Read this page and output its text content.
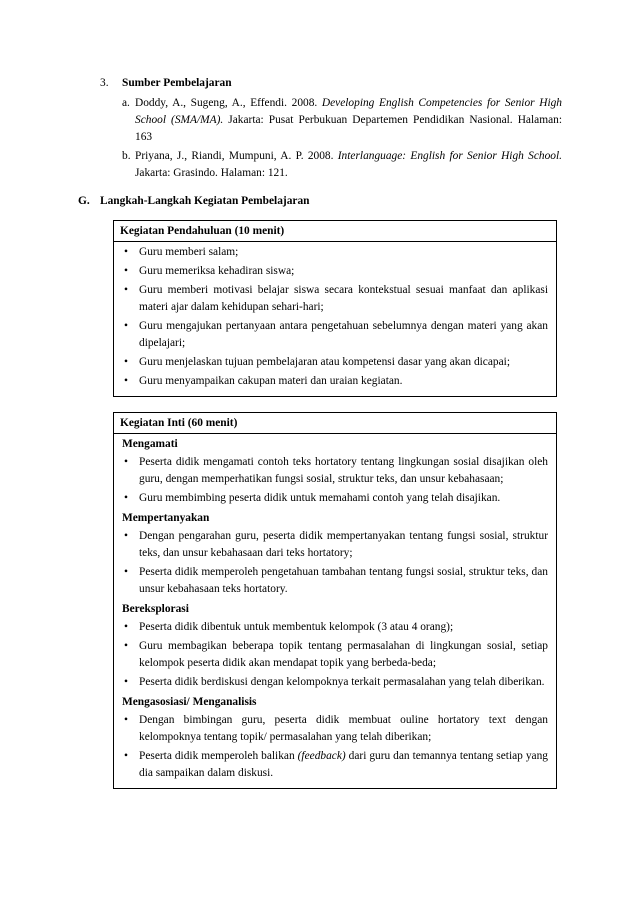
3. Sumber Pembelajaran
a. Doddy, A., Sugeng, A., Effendi. 2008. Developing English Competencies for Senior High School (SMA/MA). Jakarta: Pusat Perbukuan Departemen Pendidikan Nasional. Halaman: 163
b. Priyana, J., Riandi, Mumpuni, A. P. 2008. Interlanguage: English for Senior High School. Jakarta: Grasindo. Halaman: 121.
G. Langkah-Langkah Kegiatan Pembelajaran
Kegiatan Pendahuluan (10 menit)
• Guru memberi salam;
• Guru memeriksa kehadiran siswa;
• Guru memberi motivasi belajar siswa secara kontekstual sesuai manfaat dan aplikasi materi ajar dalam kehidupan sehari-hari;
• Guru mengajukan pertanyaan antara pengetahuan sebelumnya dengan materi yang akan dipelajari;
• Guru menjelaskan tujuan pembelajaran atau kompetensi dasar yang akan dicapai;
• Guru menyampaikan cakupan materi dan uraian kegiatan.
Kegiatan Inti (60 menit)
Mengamati
• Peserta didik mengamati contoh teks hortatory tentang lingkungan sosial disajikan oleh guru, dengan memperhatikan fungsi sosial, struktur teks, dan unsur kebahasaan;
• Guru membimbing peserta didik untuk memahami contoh yang telah disajikan.
Mempertanyakan
• Dengan pengarahan guru, peserta didik mempertanyakan tentang fungsi sosial, struktur teks, dan unsur kebahasaan dari teks hortatory;
• Peserta didik memperoleh pengetahuan tambahan tentang fungsi sosial, struktur teks, dan unsur kebahasaan teks hortatory.
Bereksplorasi
• Peserta didik dibentuk untuk membentuk kelompok (3 atau 4 orang);
• Guru membagikan beberapa topik tentang permasalahan di lingkungan sosial, setiap kelompok peserta didik akan mendapat topik yang berbeda-beda;
• Peserta didik berdiskusi dengan kelompoknya terkait permasalahan yang telah diberikan.
Mengasosiasi/ Menganalisis
• Dengan bimbingan guru, peserta didik membuat ouline hortatory text dengan kelompoknya tentang topik/ permasalahan yang telah diberikan;
• Peserta didik memperoleh balikan (feedback) dari guru dan temannya tentang setiap yang dia sampaikan dalam diskusi.
